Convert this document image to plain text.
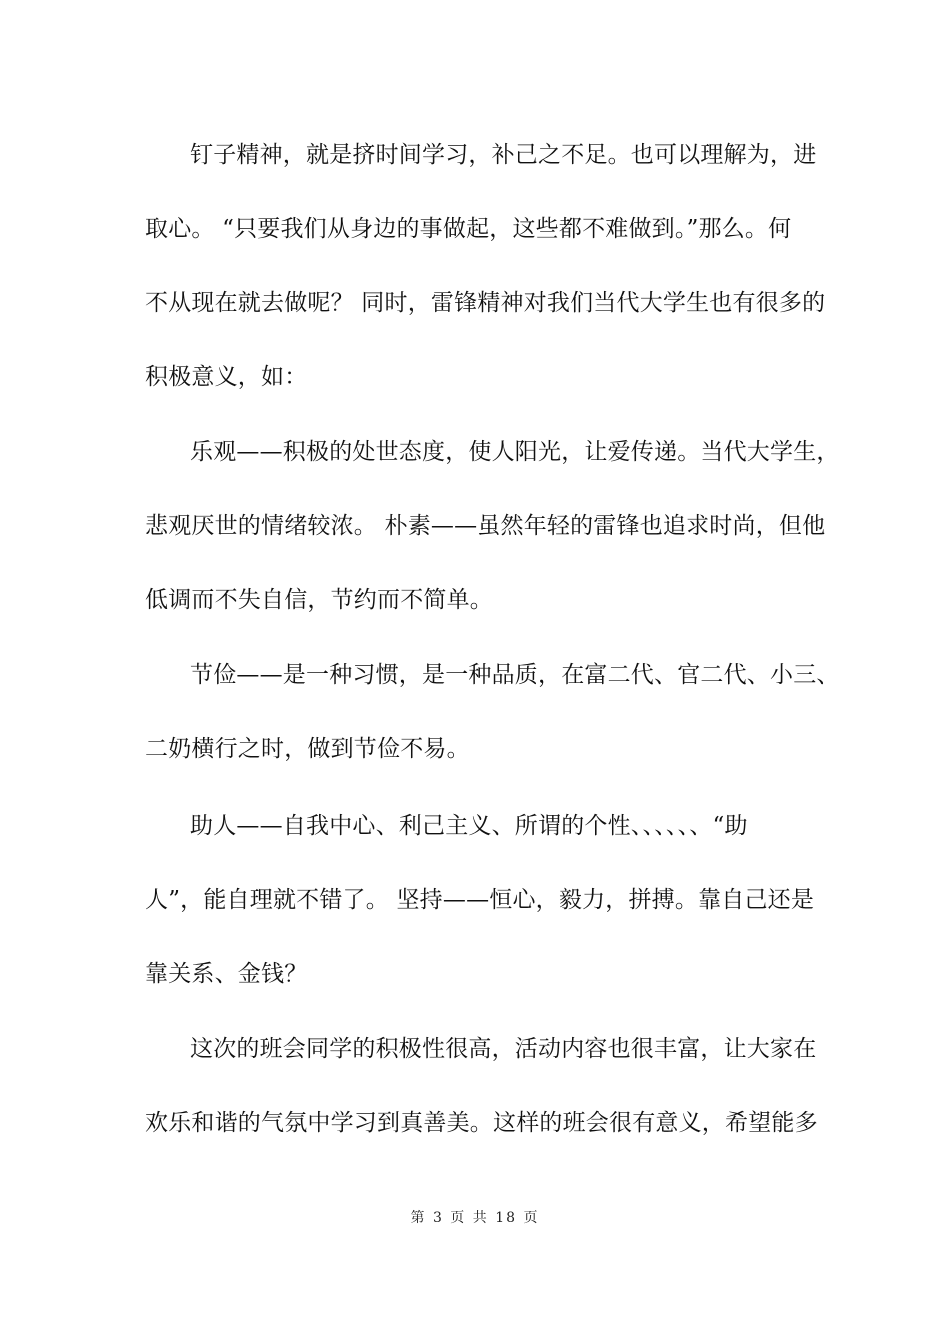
钉子精神，就是挤时间学习，补己之不足。也可以理解为，进
取心。 “只要我们从身边的事做起，这些都不难做到。”那么。何
不从现在就去做呢？ 同时，雷锋精神对我们当代大学生也有很多的
积极意义，如：
乐观——积极的处世态度，使人阳光，让爱传递。当代大学生，
悲观厌世的情绪较浓。 朴素——虽然年轻的雷锋也追求时尚，但他
低调而不失自信，节约而不简单。
节俭——是一种习惯，是一种品质，在富二代、官二代、小三、
二奶横行之时，做到节俭不易。
助人——自我中心、利己主义、所谓的个性、、、、、、“助
人”，能自理就不错了。 坚持——恒心，毅力，拼搏。靠自己还是
靠关系、金钱？
这次的班会同学的积极性很高，活动内容也很丰富，让大家在
欢乐和谐的气氛中学习到真善美。这样的班会很有意义，希望能多
第 3 页 共 18 页
